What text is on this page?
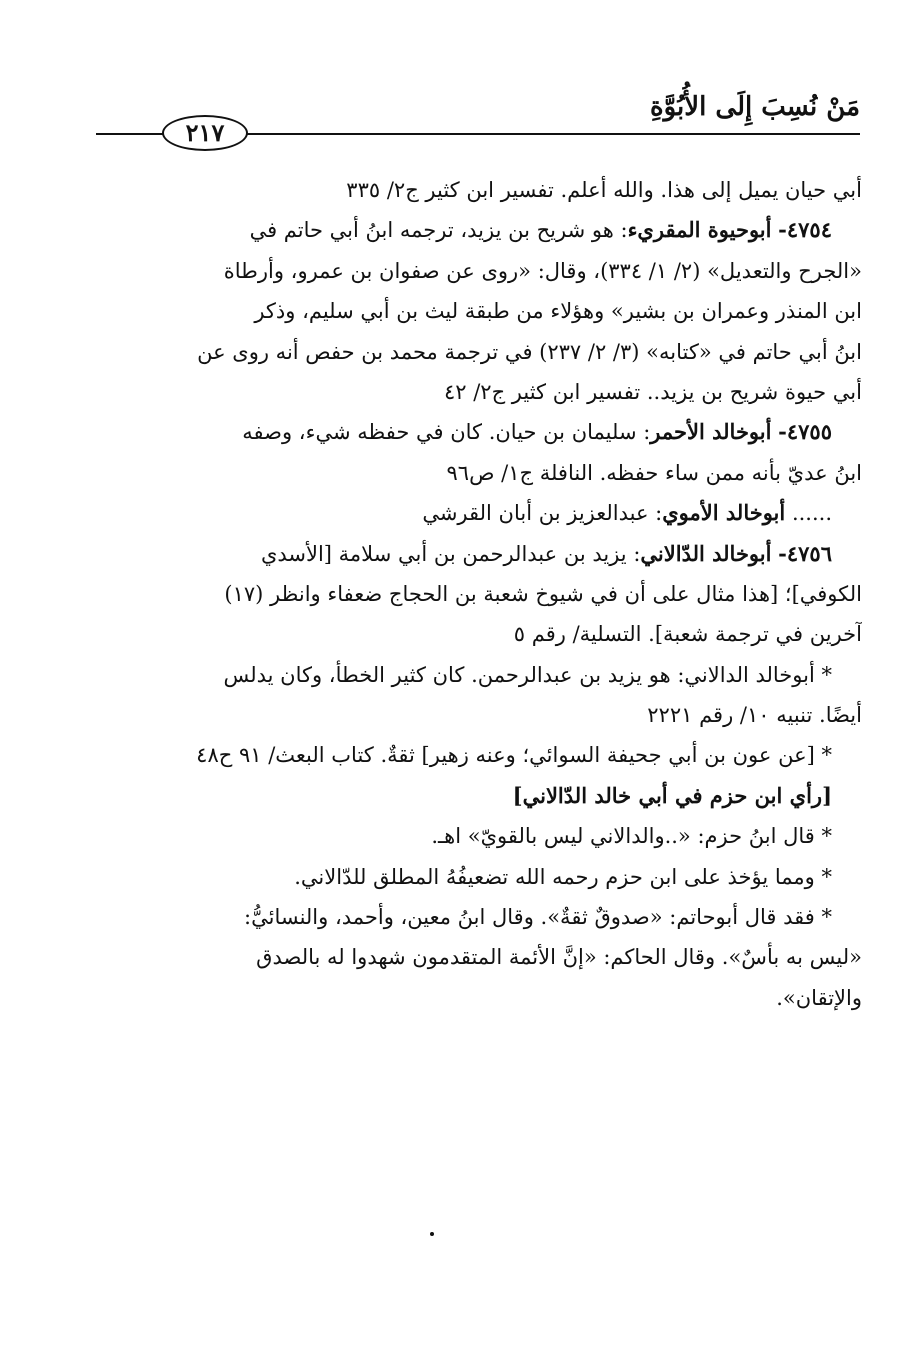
مَنْ نُسِبَ إِلَى الأُبُوَّةِ
٢١٧
أبي حيان يميل إلى هذا. والله أعلم. تفسير ابن كثير ج٢/ ٣٣٥
٤٧٥٤- أبوحيوة المقريء: هو شريح بن يزيد، ترجمه ابنُ أبي حاتم في
«الجرح والتعديل» (٢/ ١/ ٣٣٤)، وقال: «روى عن صفوان بن عمرو، وأرطاة
ابن المنذر وعمران بن بشير» وهؤلاء من طبقة ليث بن أبي سليم، وذكر
ابنُ أبي حاتم في «كتابه» (٣/ ٢/ ٢٣٧) في ترجمة محمد بن حفص أنه روى عن
أبي حيوة شريح بن يزيد.. تفسير ابن كثير ج٢/ ٤٢
٤٧٥٥- أبوخالد الأحمر: سليمان بن حيان. كان في حفظه شيء، وصفه
ابنُ عديّ بأنه ممن ساء حفظه. النافلة ج١/ ص٩٦
...... أبوخالد الأموي: عبدالعزيز بن أبان القرشي
٤٧٥٦- أبوخالد الدّالاني: يزيد بن عبدالرحمن بن أبي سلامة [الأسدي
الكوفي]؛ [هذا مثال على أن في شيوخ شعبة بن الحجاج ضعفاء وانظر (١٧)
آخرين في ترجمة شعبة]. التسلية/ رقم ٥
* أبوخالد الدالاني: هو يزيد بن عبدالرحمن. كان كثير الخطأ، وكان يدلس
أيضًا. تنبيه ١٠/ رقم ٢٢٢١
* [عن عون بن أبي جحيفة السوائي؛ وعنه زهير] ثقةٌ. كتاب البعث/ ٩١ ح٤٨
[رأي ابن حزم في أبي خالد الدّالاني]
* قال ابنُ حزم: «..والدالاني ليس بالقويّ» اهـ.
* ومما يؤخذ على ابن حزم رحمه الله تضعيفُهُ المطلق للدّالاني.
* فقد قال أبوحاتم: «صدوقٌ ثقةٌ». وقال ابنُ معين، وأحمد، والنسائيُّ:
«ليس به بأسٌ». وقال الحاكم: «إنَّ الأئمة المتقدمون شهدوا له بالصدق
والإتقان».
